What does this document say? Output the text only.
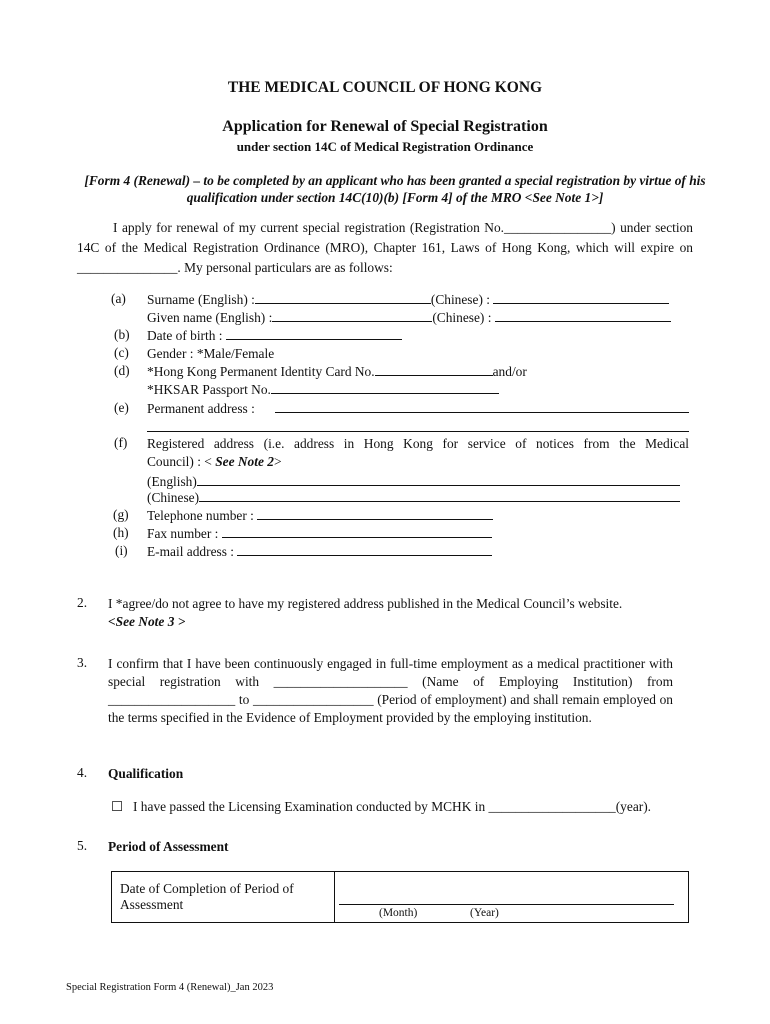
THE MEDICAL COUNCIL OF HONG KONG
Application for Renewal of Special Registration
under section 14C of Medical Registration Ordinance
[Form 4 (Renewal) – to be completed by an applicant who has been granted a special registration by virtue of his qualification under section 14C(10)(b) [Form 4] of the MRO <See Note 1>]
I apply for renewal of my current special registration (Registration No.________________) under section 14C of the Medical Registration Ordinance (MRO), Chapter 161, Laws of Hong Kong, which will expire on _______________. My personal particulars are as follows:
(a)	Surname (English) :	(Chinese) :
Given name (English) :	(Chinese) :
(b)	Date of birth :
(c)	Gender : *Male/Female
(d)	*Hong Kong Permanent Identity Card No.	and/or
*HKSAR Passport No.
(e)	Permanent address :
(f)	Registered address (i.e. address in Hong Kong for service of notices from the Medical
Council) : < See Note 2>
(English)
(Chinese)
(g)	Telephone number :
(h)	Fax number :
(i)	E-mail address :
2. I *agree/do not agree to have my registered address published in the Medical Council’s website.
<See Note 3 >
3. I confirm that I have been continuously engaged in full-time employment as a medical practitioner with special registration with ____________________ (Name of Employing Institution) from ___________________ to __________________ (Period of employment) and shall remain employed on the terms specified in the Evidence of Employment provided by the employing institution.
4. Qualification
☐ I have passed the Licensing Examination conducted by MCHK in ___________________(year).
5. Period of Assessment
Date of Completion of Period of Assessment
(Month)	(Year)
Special Registration Form 4 (Renewal)_Jan 2023
